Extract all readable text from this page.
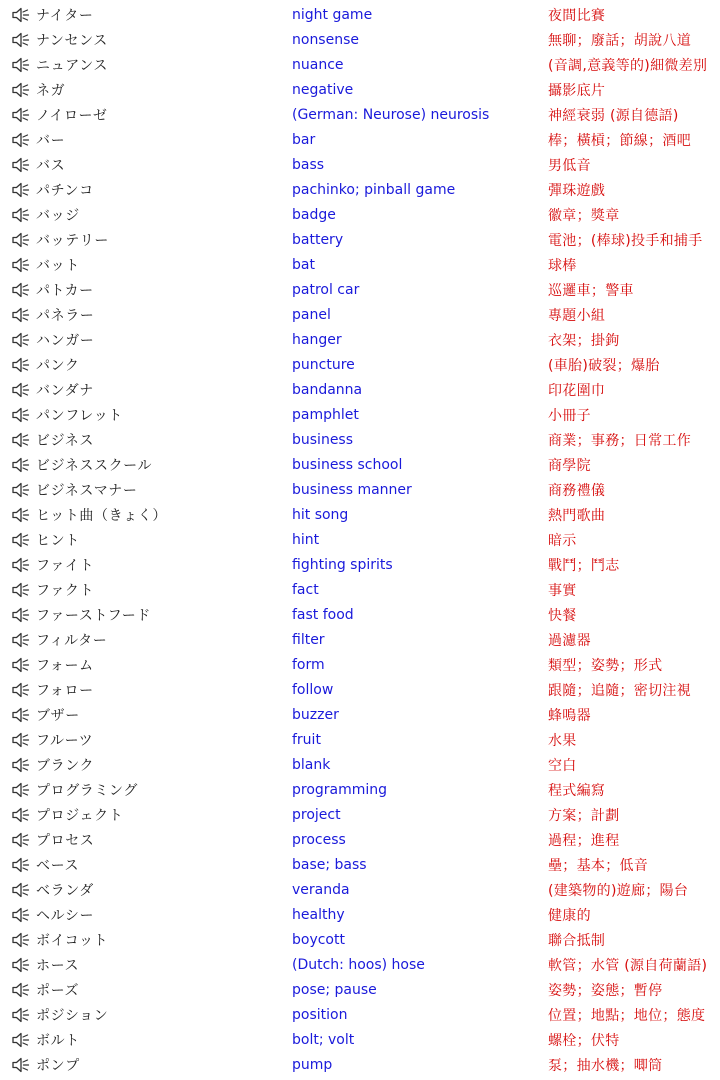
ナイター	night game	夜間比賽
ナンセンス	nonsense	無聊；廢話；胡說八道
ニュアンス	nuance	(音調,意義等的)細微差別
ネガ	negative	攝影底片
ノイローゼ	(German: Neurose) neurosis	神經衰弱 (源自德語)
バー	bar	棒；橫槓；節線；酒吧
バス	bass	男低音
パチンコ	pachinko; pinball game	彈珠遊戲
バッジ	badge	徽章；獎章
バッテリー	battery	電池；(棒球)投手和捕手
バット	bat	球棒
パトカー	patrol car	巡邏車；警車
パネラー	panel	專題小組
ハンガー	hanger	衣架；掛鉤
パンク	puncture	(車胎)破裂；爆胎
バンダナ	bandanna	印花圍巾
パンフレット	pamphlet	小冊子
ビジネス	business	商業；事務；日常工作
ビジネススクール	business school	商學院
ビジネスマナー	business manner	商務禮儀
ヒット曲（きょく）	hit song	熱門歌曲
ヒント	hint	暗示
ファイト	fighting spirits	戰鬥；鬥志
ファクト	fact	事實
ファーストフード	fast food	快餐
フィルター	filter	過濾器
フォーム	form	類型；姿勢；形式
フォロー	follow	跟隨；追隨；密切注視
ブザー	buzzer	蜂鳴器
フルーツ	fruit	水果
ブランク	blank	空白
プログラミング	programming	程式編寫
プロジェクト	project	方案；計劃
プロセス	process	過程；進程
ベース	base; bass	壘；基本；低音
ベランダ	veranda	(建築物的)遊廊；陽台
ヘルシー	healthy	健康的
ボイコット	boycott	聯合抵制
ホース	(Dutch: hoos) hose	軟管；水管 (源自荷蘭語)
ポーズ	pose; pause	姿勢；姿態；暫停
ポジション	position	位置；地點；地位；態度
ボルト	bolt; volt	螺栓；伏特
ポンプ	pump	泵；抽水機；唧筒
